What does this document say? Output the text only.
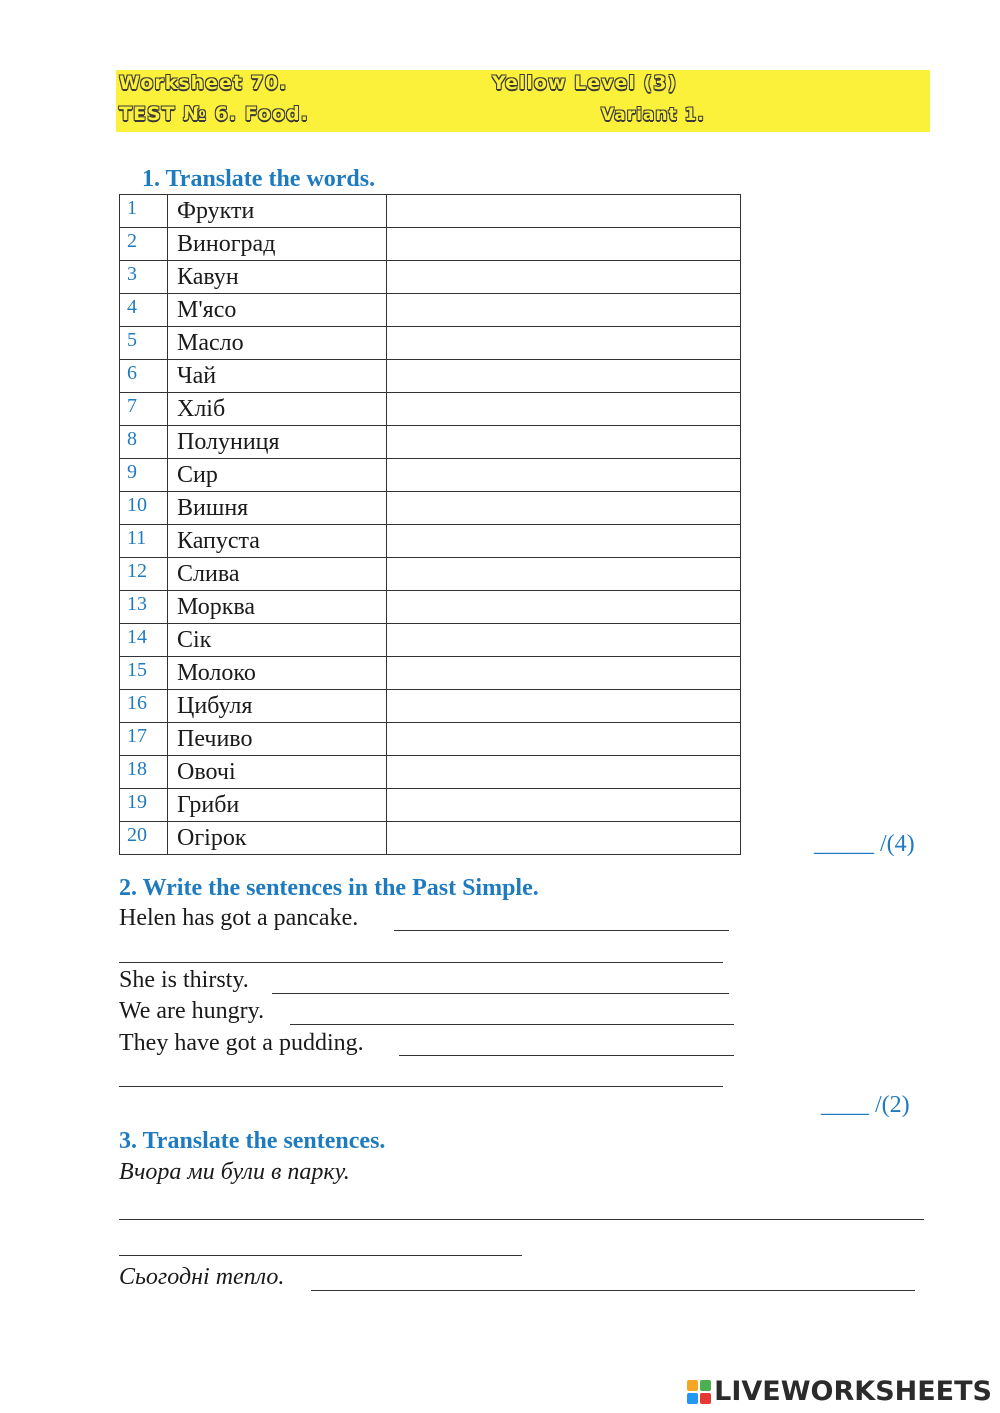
Worksheet 70.	Yellow Level (3)
TEST № 6. Food.	Variant 1.
1. Translate the words.
1	Фрукти	
2	Виноград	
3	Кавун	
4	М'ясо	
5	Масло	
6	Чай	
7	Хліб	
8	Полуниця	
9	Сир	
10	Вишня	
11	Капуста	
12	Слива	
13	Морква	
14	Сік	
15	Молоко	
16	Цибуля	
17	Печиво	
18	Овочі	
19	Гриби	
20	Огірок		_____ /(4)
2. Write the sentences in the Past Simple.
Helen has got a pancake.
She is thirsty.
We are hungry.
They have got a pudding.
____ /(2)
3. Translate the sentences.
Вчора ми були в парку.
Сьогодні тепло.
LIVEWORKSHEETS
